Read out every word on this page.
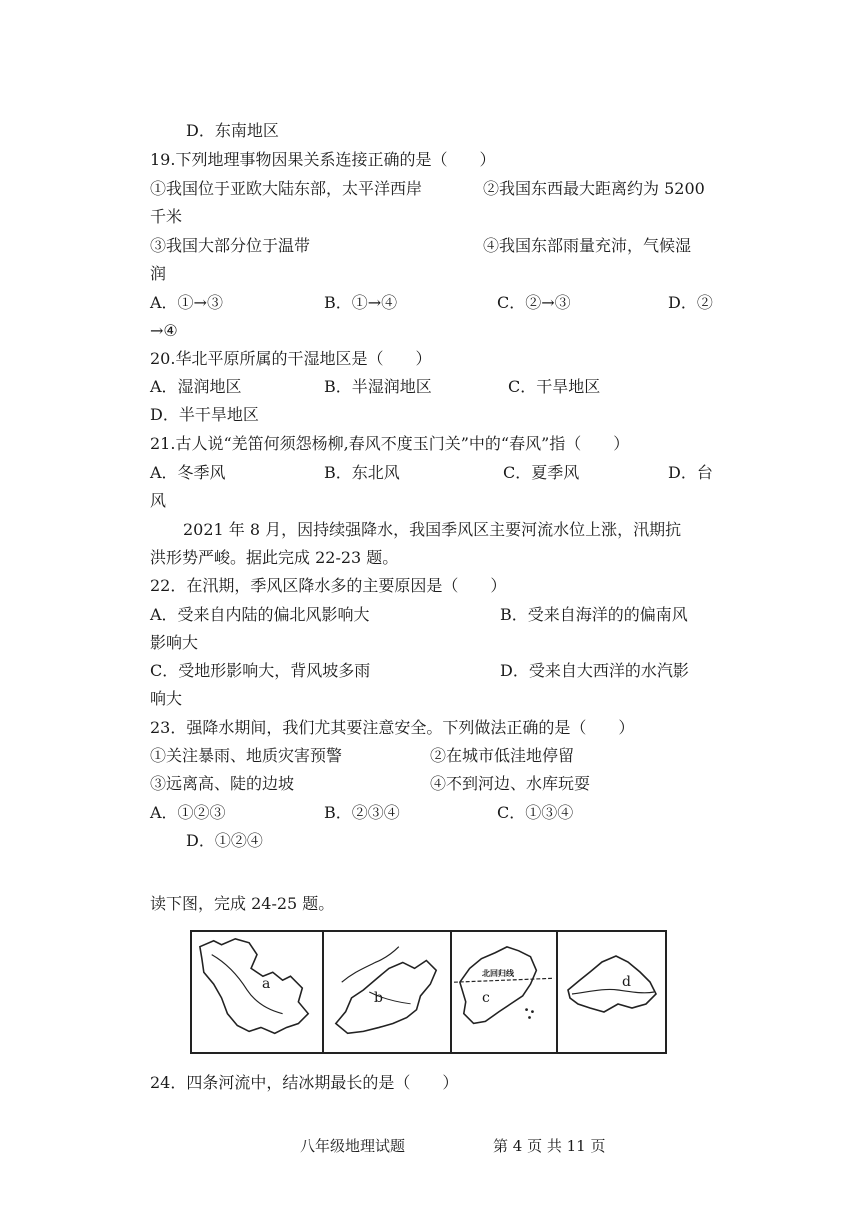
D．东南地区
19.下列地理事物因果关系连接正确的是（　　）
①我国位于亚欧大陆东部，太平洋西岸	②我国东西最大距离约为 5200
千米
③我国大部分位于温带	④我国东部雨量充沛，气候湿
润
A．①→③	B．①→④	C．②→③	D．②
→④
20.华北平原所属的干湿地区是（　　）
A．湿润地区	B．半湿润地区	C．干旱地区
D．半干旱地区
21.古人说“羌笛何须怨杨柳,春风不度玉门关”中的“春风”指（　　）
A．冬季风	B．东北风	C．夏季风	D．台
风
2021 年 8 月，因持续强降水，我国季风区主要河流水位上涨，汛期抗
洪形势严峻。据此完成 22-23 题。
22．在汛期，季风区降水多的主要原因是（　　）
A．受来自内陆的偏北风影响大	B．受来自海洋的的偏南风
影响大
C．受地形影响大，背风坡多雨	D．受来自大西洋的水汽影
响大
23．强降水期间，我们尤其要注意安全。下列做法正确的是（　　）
①关注暴雨、地质灾害预警	②在城市低洼地停留
③远离高、陡的边坡	④不到河边、水库玩耍
A．①②③	B．②③④	C．①③④
D．①②④
读下图，完成 24-25 题。
a
b
北回归线
c
d
24．四条河流中，结冰期最长的是（　　）
八年级地理试题	第 4 页 共 11 页
